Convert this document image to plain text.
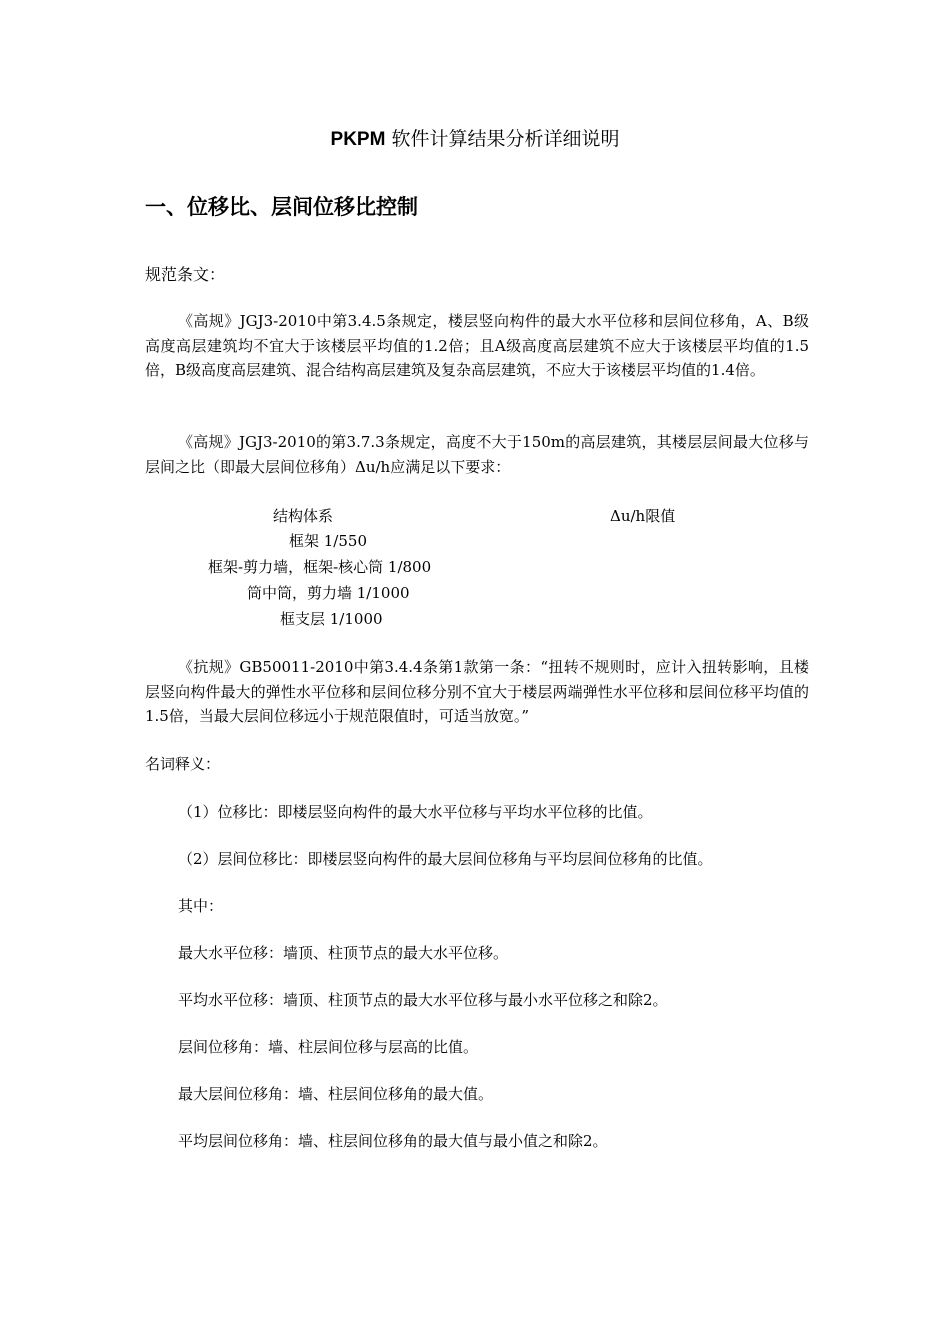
PKPM 软件计算结果分析详细说明
一、位移比、层间位移比控制
规范条文：
《高规》JGJ3-2010中第3.4.5条规定，楼层竖向构件的最大水平位移和层间位移角，A、B级高度高层建筑均不宜大于该楼层平均值的1.2倍；且A级高度高层建筑不应大于该楼层平均值的1.5倍，B级高度高层建筑、混合结构高层建筑及复杂高层建筑，不应大于该楼层平均值的1.4倍。
《高规》JGJ3-2010的第3.7.3条规定，高度不大于150m的高层建筑，其楼层层间最大位移与层间之比（即最大层间位移角）Δu/h应满足以下要求：
结构体系	Δu/h限值
框架 1/550
框架-剪力墙，框架-核心筒 1/800
筒中筒，剪力墙 1/1000
框支层 1/1000
《抗规》GB50011-2010中第3.4.4条第1款第一条：“扭转不规则时，应计入扭转影响，且楼层竖向构件最大的弹性水平位移和层间位移分别不宜大于楼层两端弹性水平位移和层间位移平均值的1.5倍，当最大层间位移远小于规范限值时，可适当放宽。”
名词释义：
（1）位移比：即楼层竖向构件的最大水平位移与平均水平位移的比值。
（2）层间位移比：即楼层竖向构件的最大层间位移角与平均层间位移角的比值。
其中：
最大水平位移：墙顶、柱顶节点的最大水平位移。
平均水平位移：墙顶、柱顶节点的最大水平位移与最小水平位移之和除2。
层间位移角：墙、柱层间位移与层高的比值。
最大层间位移角：墙、柱层间位移角的最大值。
平均层间位移角：墙、柱层间位移角的最大值与最小值之和除2。
